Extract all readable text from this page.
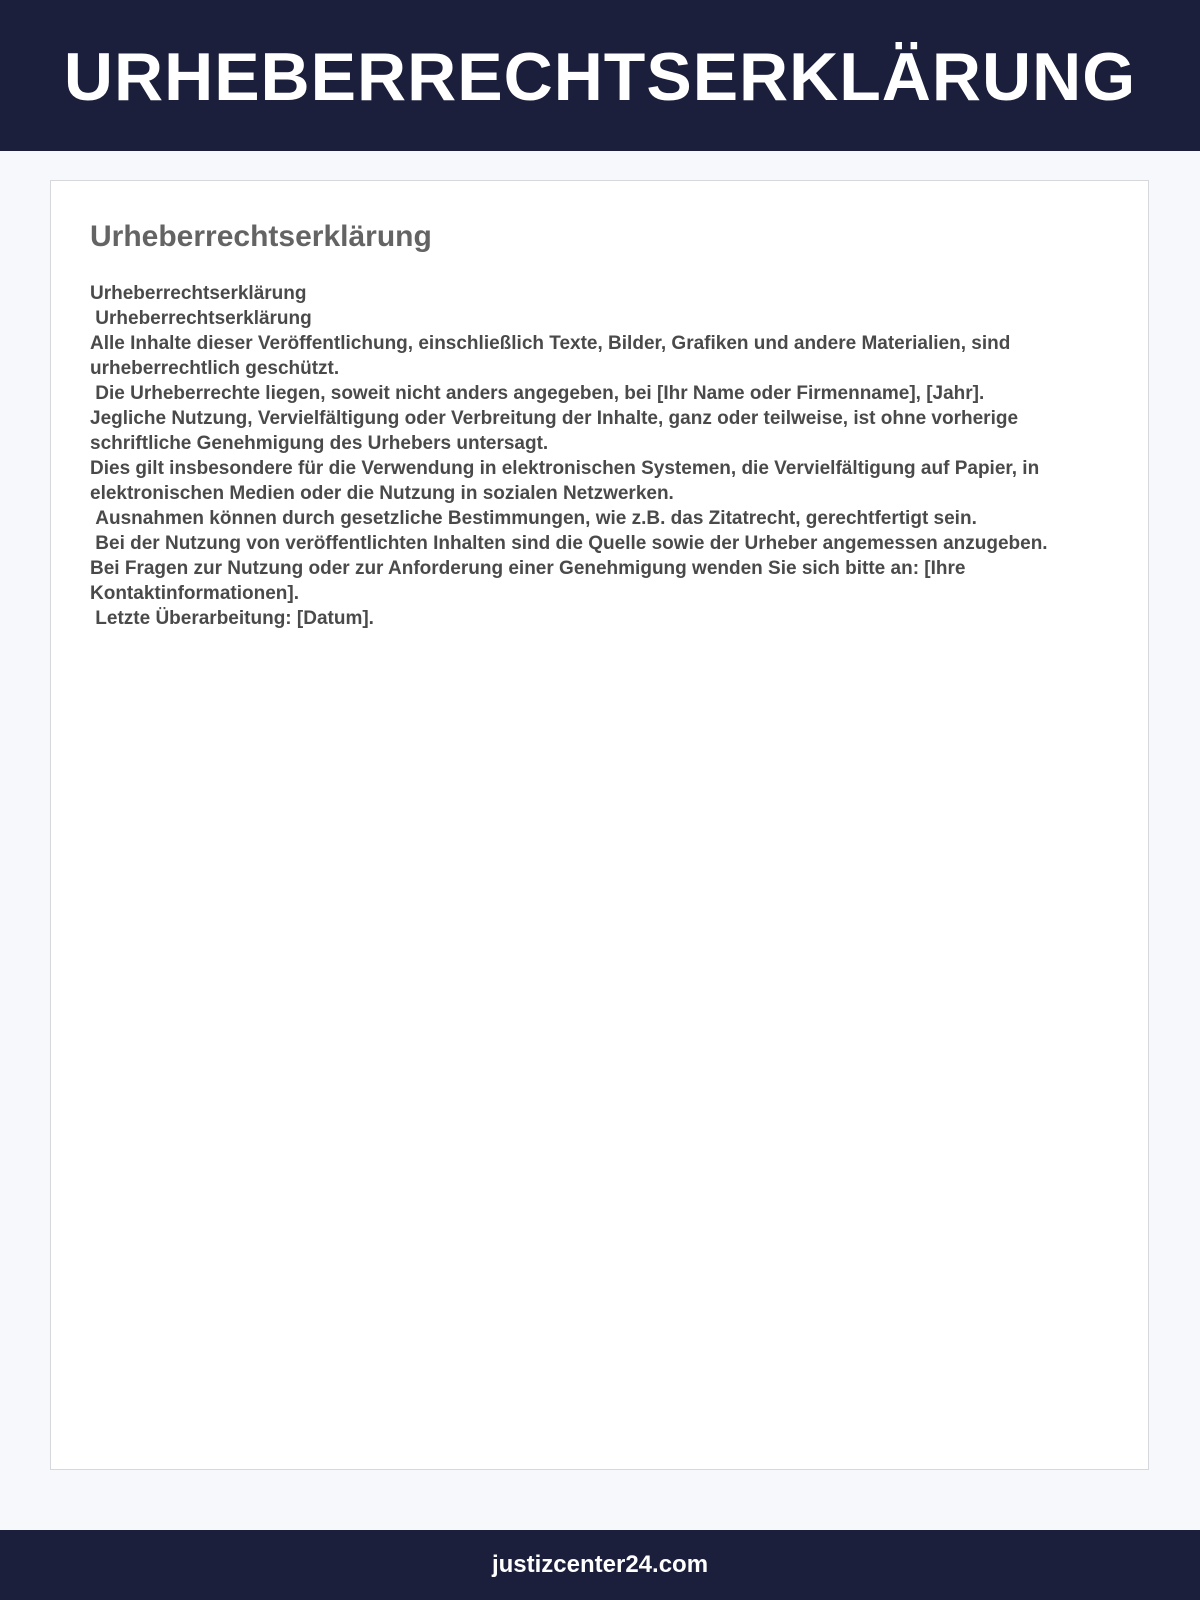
URHEBERRECHTSERKLÄRUNG
Urheberrechtserklärung
Urheberrechtserklärung
Urheberrechtserklärung
Alle Inhalte dieser Veröffentlichung, einschließlich Texte, Bilder, Grafiken und andere Materialien, sind urheberrechtlich geschützt.
Die Urheberrechte liegen, soweit nicht anders angegeben, bei [Ihr Name oder Firmenname], [Jahr].
Jegliche Nutzung, Vervielfältigung oder Verbreitung der Inhalte, ganz oder teilweise, ist ohne vorherige schriftliche Genehmigung des Urhebers untersagt.
Dies gilt insbesondere für die Verwendung in elektronischen Systemen, die Vervielfältigung auf Papier, in elektronischen Medien oder die Nutzung in sozialen Netzwerken.
Ausnahmen können durch gesetzliche Bestimmungen, wie z.B. das Zitatrecht, gerechtfertigt sein.
Bei der Nutzung von veröffentlichten Inhalten sind die Quelle sowie der Urheber angemessen anzugeben.
Bei Fragen zur Nutzung oder zur Anforderung einer Genehmigung wenden Sie sich bitte an: [Ihre Kontaktinformationen].
Letzte Überarbeitung: [Datum].
justizcenter24.com
